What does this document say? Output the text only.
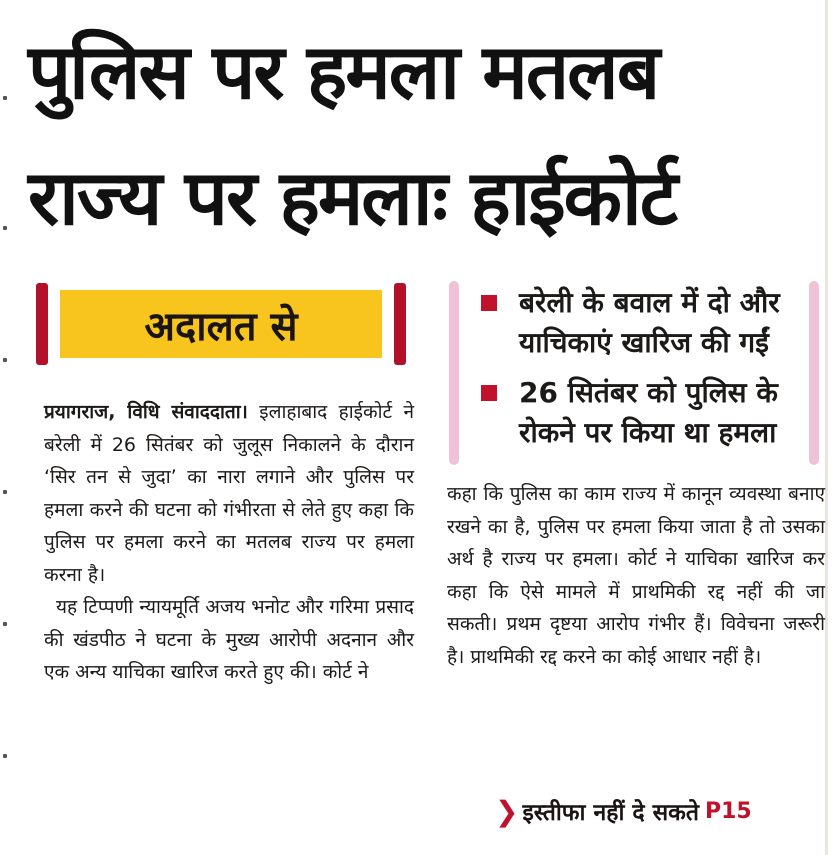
पुलिस पर हमला मतलब
राज्य पर हमलाः हाईकोर्ट
अदालत से

प्रयागराज, विधि संवाददाता। इलाहाबाद हाईकोर्ट ने बरेली में 26 सितंबर को जुलूस निकालने के दौरान ‘सिर तन से जुदा’ का नारा लगाने और पुलिस पर हमला करने की घटना को गंभीरता से लेते हुए कहा कि पुलिस पर हमला करने का मतलब राज्य पर हमला करना है।

यह टिप्पणी न्यायमूर्ति अजय भनोट और गरिमा प्रसाद की खंडपीठ ने घटना के मुख्य आरोपी अदनान और एक अन्य याचिका खारिज करते हुए की। कोर्ट ने

बरेली के बवाल में दो और याचिकाएं खारिज की गईं
26 सितंबर को पुलिस के रोकने पर किया था हमला

कहा कि पुलिस का काम राज्य में कानून व्यवस्था बनाए रखने का है, पुलिस पर हमला किया जाता है तो उसका अर्थ है राज्य पर हमला। कोर्ट ने याचिका खारिज कर कहा कि ऐसे मामले में प्राथमिकी रद्द नहीं की जा सकती। प्रथम दृष्टया आरोप गंभीर हैं। विवेचना जरूरी है। प्राथमिकी रद्द करने का कोई आधार नहीं है।

❯ इस्तीफा नहीं दे सकते P15
